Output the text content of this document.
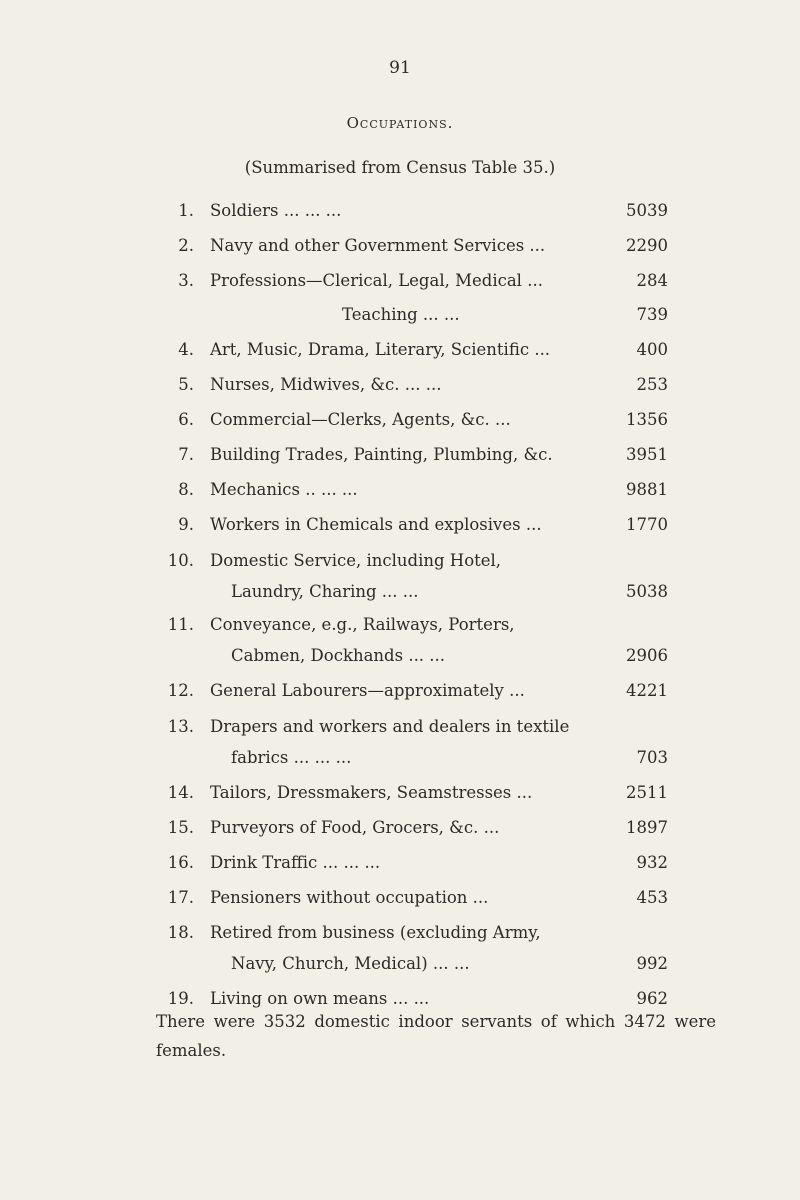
91
Occupations.
(Summarised from Census Table 35.)
1. Soldiers ... ... ...	5039
2. Navy and other Government Services ...	2290
3. Professions—Clerical, Legal, Medical ...	284
Teaching ... ...	739
4. Art, Music, Drama, Literary, Scientific ...	400
5. Nurses, Midwives, &c. ... ...	253
6. Commercial—Clerks, Agents, &c. ...	1356
7. Building Trades, Painting, Plumbing, &c.	3951
8. Mechanics .. ... ...	9881
9. Workers in Chemicals and explosives ...	1770
10. Domestic Service, including Hotel,
Laundry, Charing ... ...	5038
11. Conveyance, e.g., Railways, Porters,
Cabmen, Dockhands ... ...	2906
12. General Labourers—approximately ...	4221
13. Drapers and workers and dealers in textile
fabrics ... ... ...	703
14. Tailors, Dressmakers, Seamstresses ...	2511
15. Purveyors of Food, Grocers, &c. ...	1897
16. Drink Traffic ... ... ...	932
17. Pensioners without occupation ...	453
18. Retired from business (excluding Army,
Navy, Church, Medical) ... ...	992
19. Living on own means ... ...	962
There were 3532 domestic indoor servants of which 3472 were females.
